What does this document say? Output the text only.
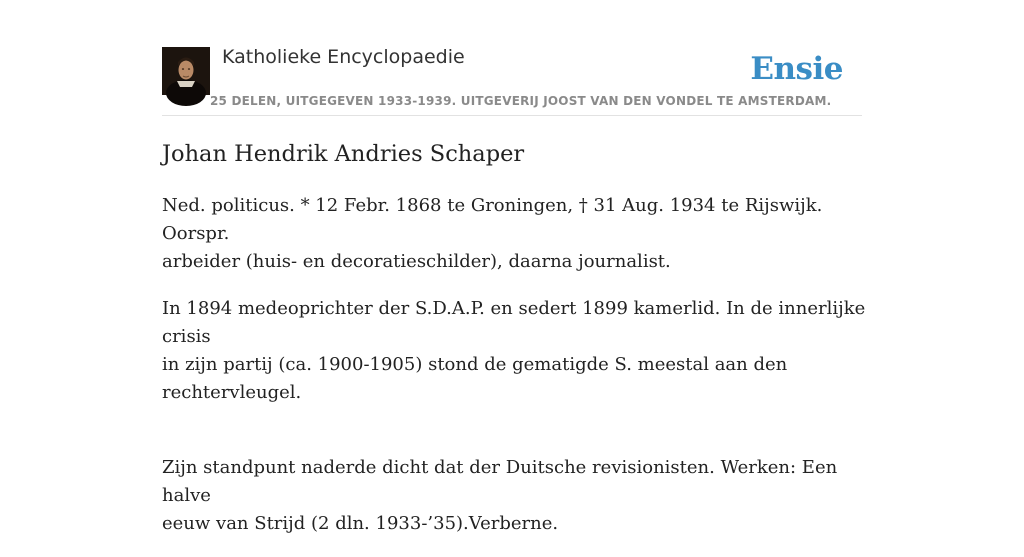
Katholieke Encyclopaedie
25 DELEN, UITGEGEVEN 1933-1939. UITGEVERIJ JOOST VAN DEN VONDEL TE AMSTERDAM.
Ensie
Johan Hendrik Andries Schaper

Ned. politicus. * 12 Febr. 1868 te Groningen, † 31 Aug. 1934 te Rijswijk. Oorspr.
arbeider (huis- en decoratieschilder), daarna journalist.

In 1894 medeoprichter der S.D.A.P. en sedert 1899 kamerlid. In de innerlijke crisis
in zijn partij (ca. 1900-1905) stond de gematigde S. meestal aan den
rechtervleugel.

Zijn standpunt naderde dicht dat der Duitsche revisionisten. Werken: Een halve
eeuw van Strijd (2 dln. 1933-’35).Verberne.
